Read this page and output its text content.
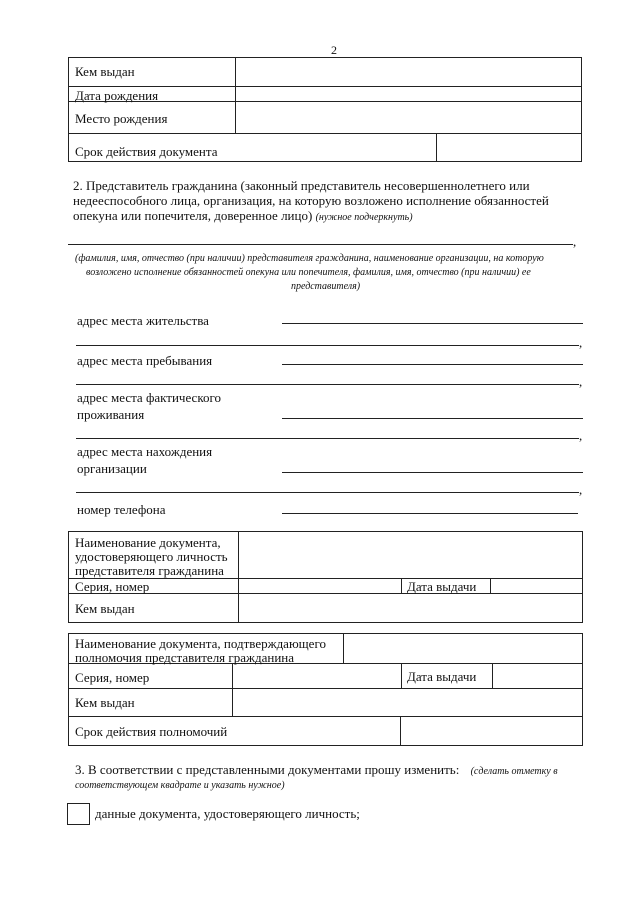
2
Кем выдан
Дата рождения
Место рождения
Срок действия документа
2. Представитель гражданина (законный представитель несовершеннолетнего или
недееспособного лица, организация, на которую возложено исполнение обязанностей
опекуна или попечителя, доверенное лицо) (нужное подчеркнуть)
,
(фамилия, имя, отчество (при наличии) представителя гражданина, наименование организации, на которую
возложено исполнение обязанностей опекуна или попечителя, фамилия, имя, отчество (при наличии) ее
представителя)
адрес места жительства
,
адрес места пребывания
,
адрес места фактического
проживания
,
адрес места нахождения
организации
,
номер телефона
Наименование документа,
удостоверяющего личность
представителя гражданина
Серия, номер	Дата выдачи
Кем выдан
Наименование документа, подтверждающего
полномочия представителя гражданина
Серия, номер	Дата выдачи
Кем выдан
Срок действия полномочий
3. В соответствии с представленными документами прошу изменить: (сделать отметку в
соответствующем квадрате и указать нужное)
данные документа, удостоверяющего личность;
